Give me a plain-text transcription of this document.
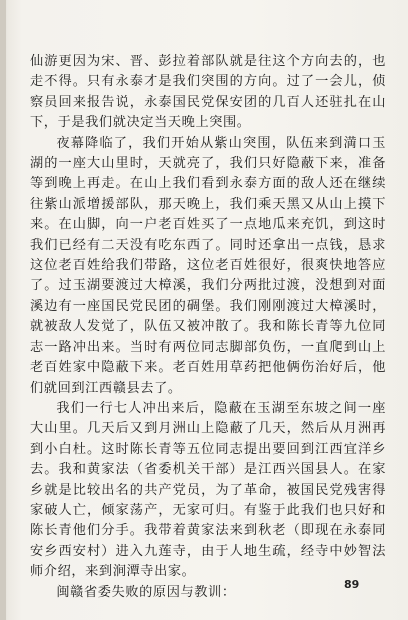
仙游更因为宋、晋、彭拉着部队就是往这个方向去的，也走不得。只有永泰才是我们突围的方向。过了一会儿，侦察员回来报告说，永泰国民党保安团的几百人还驻扎在山下，于是我们就决定当天晚上突围。

夜幕降临了，我们开始从紫山突围，队伍来到満口玉湖的一座大山里时，天就亮了，我们只好隐蔽下来，准备等到晚上再走。在山上我们看到永泰方面的敌人还在继续往紫山派增援部队，那天晚上，我们乘天黑又从山上摸下来。在山脚，向一户老百姓买了一点地瓜来充饥，到这时我们已经有二天没有吃东西了。同时还拿出一点钱，恳求这位老百姓给我们带路，这位老百姓很好，很爽快地答应了。过玉湖要渡过大樟溪，我们分两批过渡，没想到对面溪边有一座国民党民团的碉堡。我们刚刚渡过大樟溪时，就被敌人发觉了，队伍又被冲散了。我和陈长青等九位同志一路冲出来。当时有两位同志脚部负伤，一直爬到山上老百姓家中隐蔽下来。老百姓用草药把他俩伤治好后，他们就回到江西赣县去了。

我们一行七人冲出来后，隐蔽在玉湖至东坡之间一座大山里。几天后又到月洲山上隐蔽了几天，然后从月洲再到小白杜。这时陈长青等五位同志提出要回到江西宜洋乡去。我和黄家法（省委机关干部）是江西兴国县人。在家乡就是比较出名的共产党员，为了革命，被国民党残害得家破人亡，倾家荡产，无家可归。有鉴于此我们也只好和陈长青他们分手。我带着黄家法来到秋老（即现在永泰同安乡西安村）进入九莲寺，由于人地生疏，经寺中妙智法师介绍，来到涧潭寺出家。

闽赣省委失败的原因与教训：

89
